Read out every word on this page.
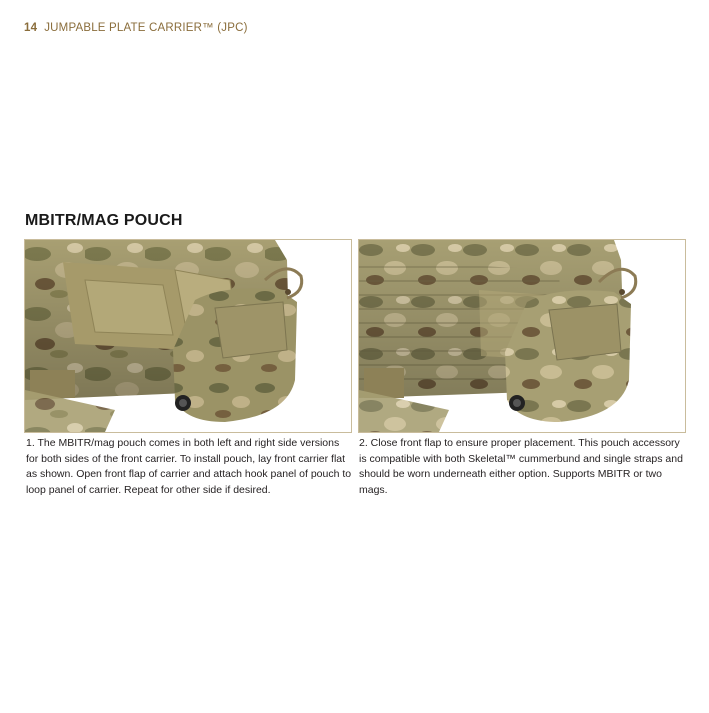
14 JUMPABLE PLATE CARRIER™ (JPC)
MBITR/MAG POUCH

1. The MBITR/mag pouch comes in both left and right side versions for both sides of the front carrier. To install pouch, lay front carrier flat as shown. Open front flap of carrier and attach hook panel of pouch to loop panel of carrier. Repeat for other side if desired.

2. Close front flap to ensure proper placement. This pouch accessory is compatible with both Skeletal™ cummerbund and single straps and should be worn underneath either option. Supports MBITR or two mags.
